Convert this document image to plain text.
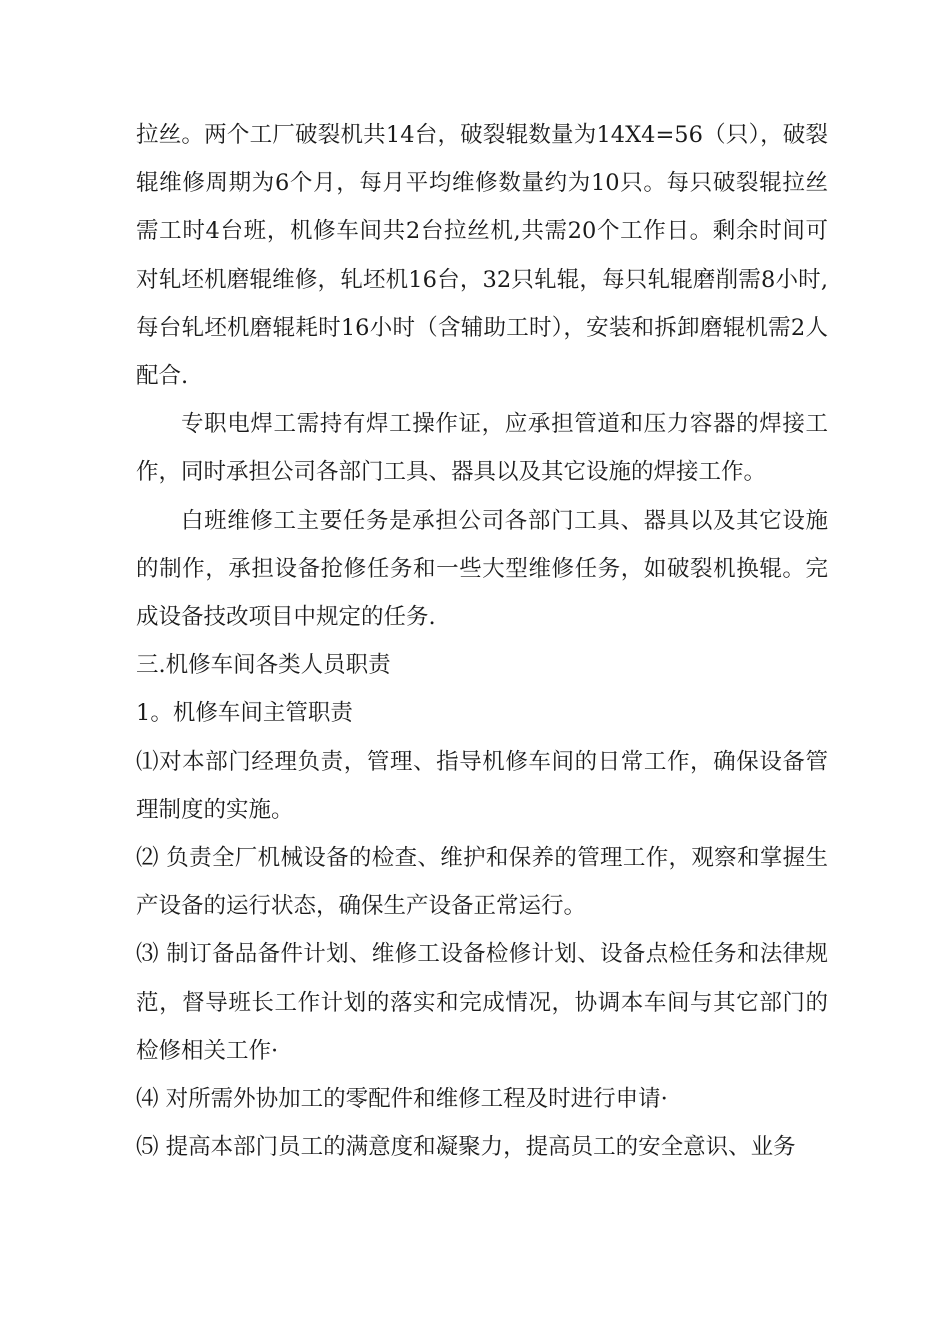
拉丝。两个工厂破裂机共14台，破裂辊数量为14X4=56（只），破裂辊维修周期为6个月，每月平均维修数量约为10只。每只破裂辊拉丝需工时4台班，机修车间共2台拉丝机,共需20个工作日。剩余时间可对轧坯机磨辊维修，轧坯机16台，32只轧辊，每只轧辊磨削需8小时,每台轧坯机磨辊耗时16小时（含辅助工时），安装和拆卸磨辊机需2人配合.

专职电焊工需持有焊工操作证，应承担管道和压力容器的焊接工作，同时承担公司各部门工具、器具以及其它设施的焊接工作。

白班维修工主要任务是承担公司各部门工具、器具以及其它设施的制作，承担设备抢修任务和一些大型维修任务，如破裂机换辊。完成设备技改项目中规定的任务.

三.机修车间各类人员职责

1。机修车间主管职责

⑴对本部门经理负责，管理、指导机修车间的日常工作，确保设备管理制度的实施。

⑵ 负责全厂机械设备的检查、维护和保养的管理工作，观察和掌握生产设备的运行状态，确保生产设备正常运行。

⑶ 制订备品备件计划、维修工设备检修计划、设备点检任务和法律规范，督导班长工作计划的落实和完成情况，协调本车间与其它部门的检修相关工作·

⑷ 对所需外协加工的零配件和维修工程及时进行申请·

⑸ 提高本部门员工的满意度和凝聚力，提高员工的安全意识、业务
